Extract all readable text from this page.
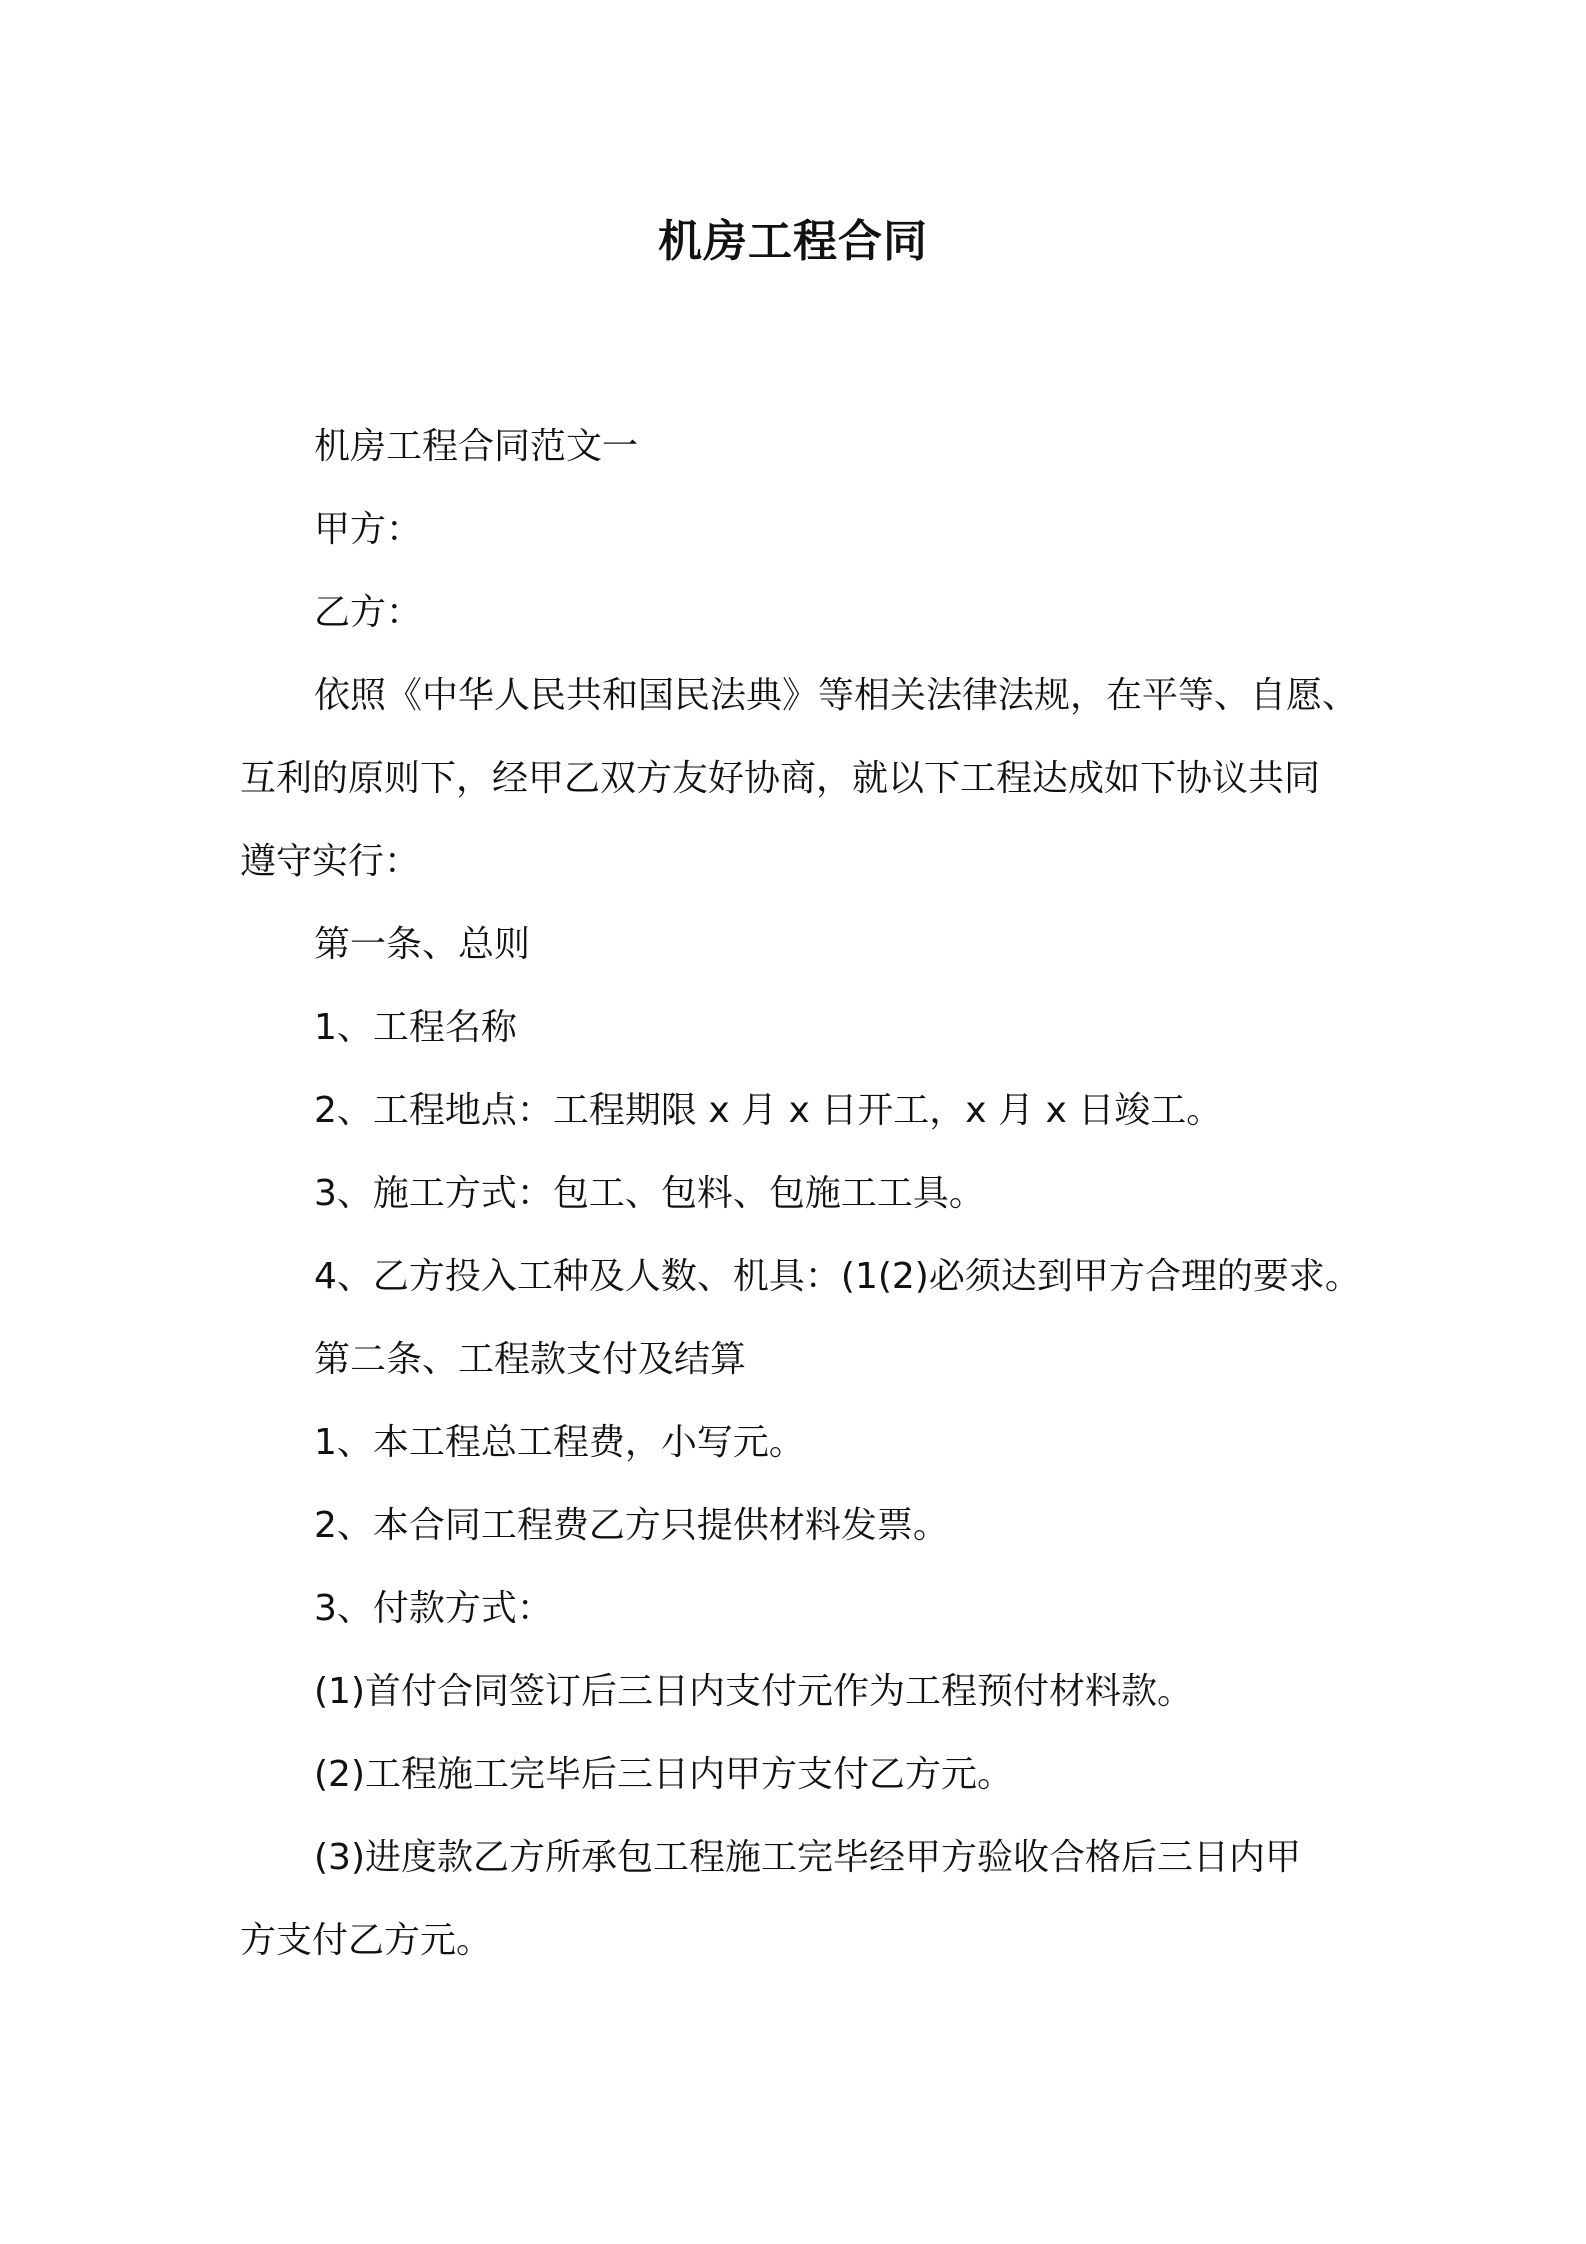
机房工程合同

机房工程合同范文一

甲方：

乙方：

依照《中华人民共和国民法典》等相关法律法规，在平等、自愿、
互利的原则下，经甲乙双方友好协商，就以下工程达成如下协议共同
遵守实行：

第一条、总则

1、工程名称

2、工程地点：工程期限 x 月 x 日开工，x 月 x 日竣工。

3、施工方式：包工、包料、包施工工具。

4、乙方投入工种及人数、机具：(1(2)必须达到甲方合理的要求。

第二条、工程款支付及结算

1、本工程总工程费，小写元。

2、本合同工程费乙方只提供材料发票。

3、付款方式：

(1)首付合同签订后三日内支付元作为工程预付材料款。

(2)工程施工完毕后三日内甲方支付乙方元。

(3)进度款乙方所承包工程施工完毕经甲方验收合格后三日内甲
方支付乙方元。
